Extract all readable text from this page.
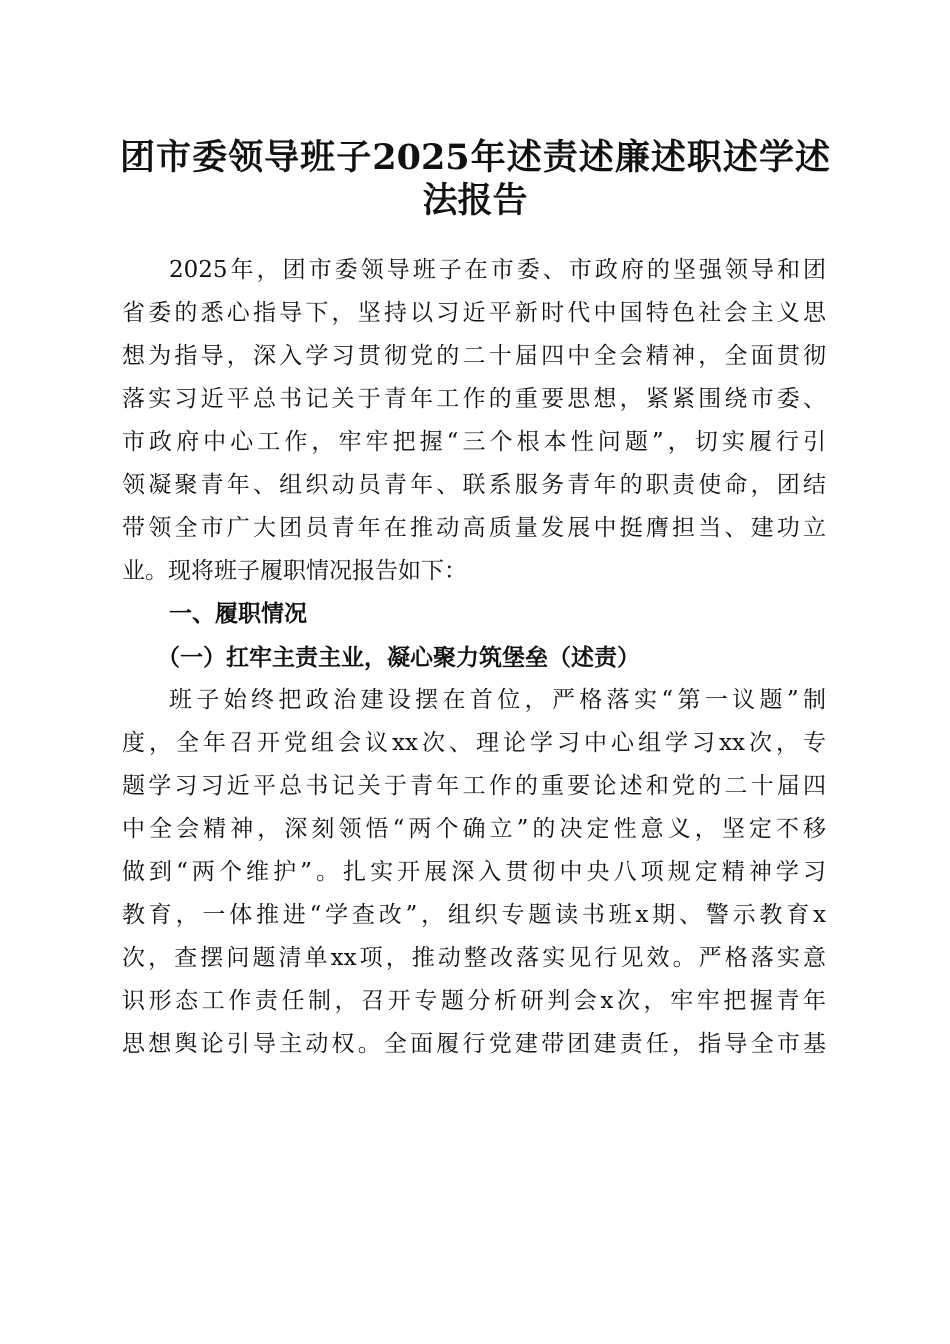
团市委领导班子2025年述责述廉述职述学述
法报告
2025年，团市委领导班子在市委、市政府的坚强领导和团
省委的悉心指导下，坚持以习近平新时代中国特色社会主义思
想为指导，深入学习贯彻党的二十届四中全会精神，全面贯彻
落实习近平总书记关于青年工作的重要思想，紧紧围绕市委、
市政府中心工作，牢牢把握“三个根本性问题”，切实履行引
领凝聚青年、组织动员青年、联系服务青年的职责使命，团结
带领全市广大团员青年在推动高质量发展中挺膺担当、建功立
业。现将班子履职情况报告如下：
一、履职情况
（一）扛牢主责主业，凝心聚力筑堡垒（述责）
班子始终把政治建设摆在首位，严格落实“第一议题”制
度，全年召开党组会议xx次、理论学习中心组学习xx次，专
题学习习近平总书记关于青年工作的重要论述和党的二十届四
中全会精神，深刻领悟“两个确立”的决定性意义，坚定不移
做到“两个维护”。扎实开展深入贯彻中央八项规定精神学习
教育，一体推进“学查改”，组织专题读书班x期、警示教育x
次，查摆问题清单xx项，推动整改落实见行见效。严格落实意
识形态工作责任制，召开专题分析研判会x次，牢牢把握青年
思想舆论引导主动权。全面履行党建带团建责任，指导全市基
